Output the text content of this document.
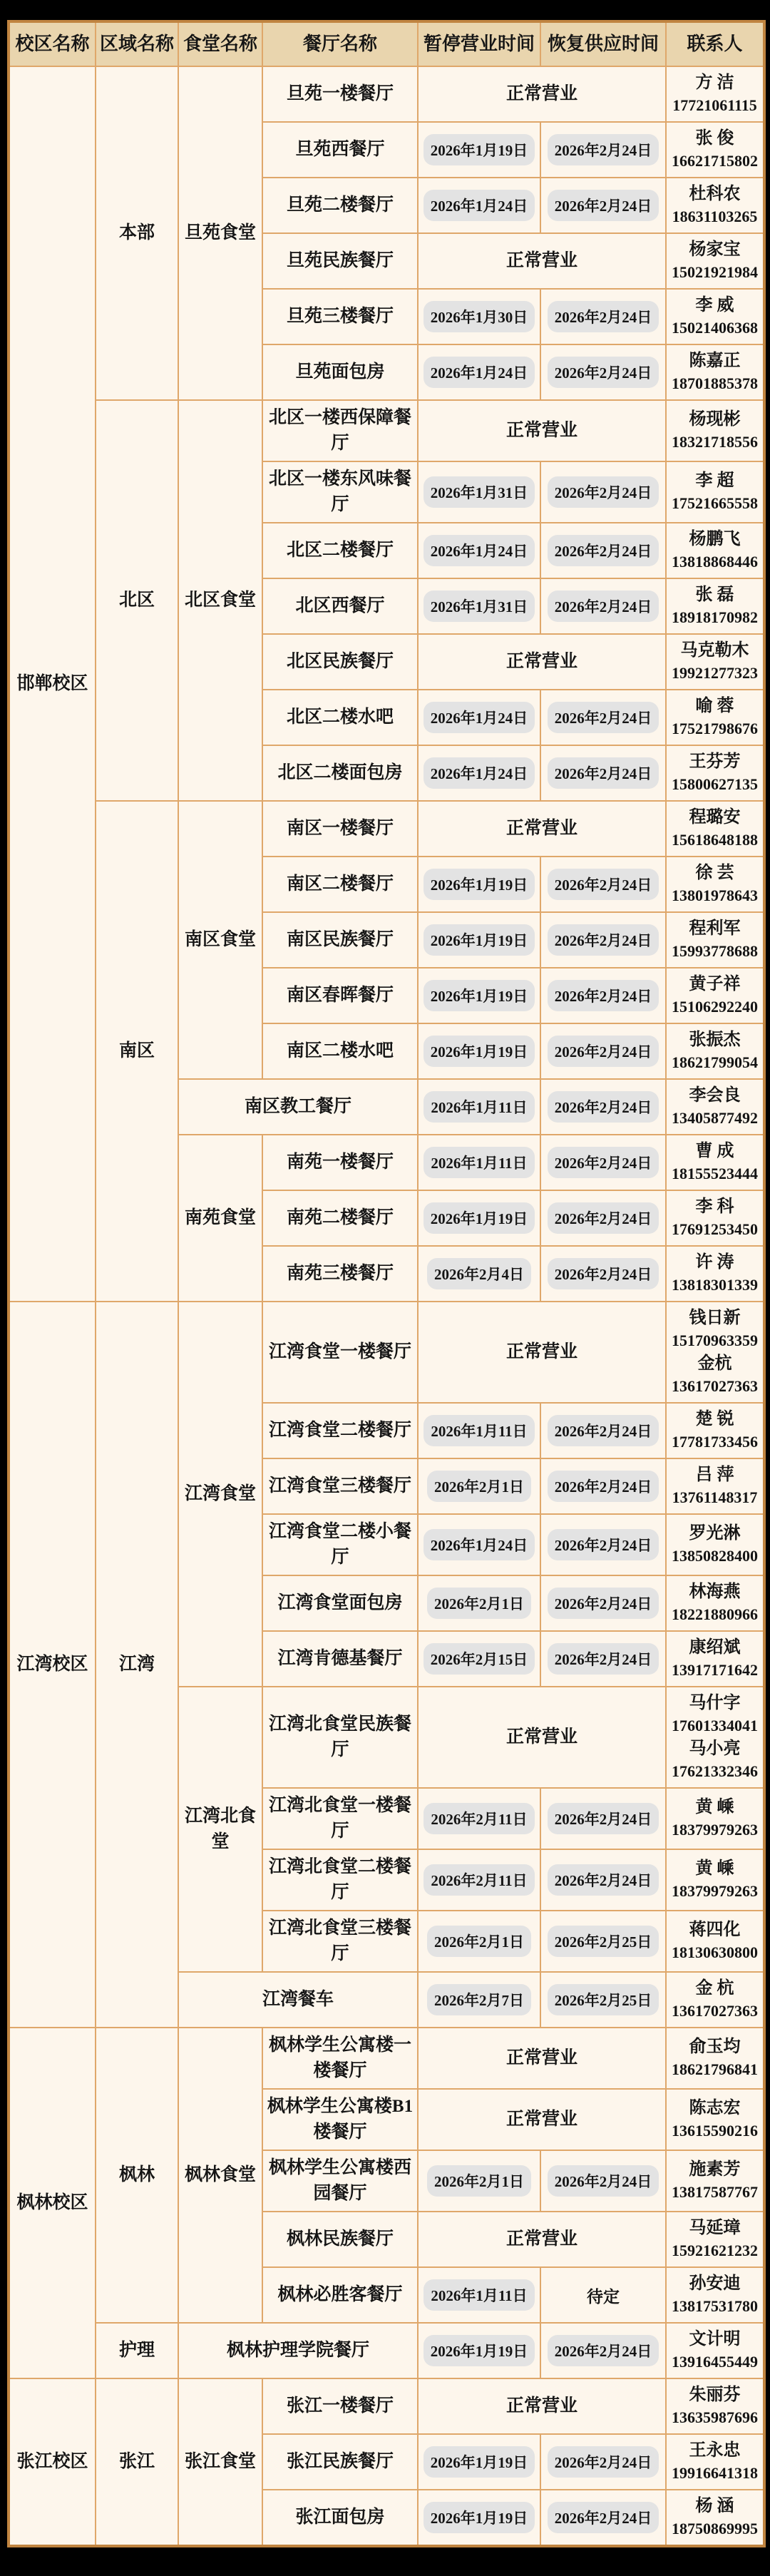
校区名称	区域名称	食堂名称	餐厅名称	暂停营业时间	恢复供应时间	联系人
邯郸校区	本部	旦苑食堂	旦苑一楼餐厅	正常营业		方 洁
17721061115

			旦苑西餐厅	2026年1月19日	2026年2月24日	张 俊
16621715802

			旦苑二楼餐厅	2026年1月24日	2026年2月24日	杜科农
18631103265

			旦苑民族餐厅	正常营业		杨家宝
15021921984

			旦苑三楼餐厅	2026年1月30日	2026年2月24日	李 威
15021406368

			旦苑面包房	2026年1月24日	2026年2月24日	陈嘉正
18701885378

	北区	北区食堂	北区一楼西保障餐厅	正常营业		杨现彬
18321718556

			北区一楼东风味餐厅	2026年1月31日	2026年2月24日	李 超
17521665558

			北区二楼餐厅	2026年1月24日	2026年2月24日	杨鹏飞
13818868446

			北区西餐厅	2026年1月31日	2026年2月24日	张 磊
18918170982

			北区民族餐厅	正常营业		马克勒木
19921277323

			北区二楼水吧	2026年1月24日	2026年2月24日	喻 蓉
17521798676

			北区二楼面包房	2026年1月24日	2026年2月24日	王芬芳
15800627135

	南区	南区食堂	南区一楼餐厅	正常营业		程璐安
15618648188

			南区二楼餐厅	2026年1月19日	2026年2月24日	徐 芸
13801978643

			南区民族餐厅	2026年1月19日	2026年2月24日	程利军
15993778688

			南区春晖餐厅	2026年1月19日	2026年2月24日	黄子祥
15106292240

			南区二楼水吧	2026年1月19日	2026年2月24日	张振杰
18621799054

		南区教工餐厅		2026年1月11日	2026年2月24日	李会良
13405877492

		南苑食堂	南苑一楼餐厅	2026年1月11日	2026年2月24日	曹 成
18155523444

			南苑二楼餐厅	2026年1月19日	2026年2月24日	李 科
17691253450

			南苑三楼餐厅	2026年2月4日	2026年2月24日	许 涛
13818301339

江湾校区	江湾	江湾食堂	江湾食堂一楼餐厅	正常营业		钱日新
15170963359
金杭
13617027363

			江湾食堂二楼餐厅	2026年1月11日	2026年2月24日	楚 锐
17781733456

			江湾食堂三楼餐厅	2026年2月1日	2026年2月24日	吕 萍
13761148317

			江湾食堂二楼小餐厅	2026年1月24日	2026年2月24日	罗光淋
13850828400

			江湾食堂面包房	2026年2月1日	2026年2月24日	林海燕
18221880966

			江湾肯德基餐厅	2026年2月15日	2026年2月24日	康绍斌
13917171642

		江湾北食堂	江湾北食堂民族餐厅	正常营业		马什字
17601334041
马小亮
17621332346

			江湾北食堂一楼餐厅	2026年2月11日	2026年2月24日	黄 嵊
18379979263

			江湾北食堂二楼餐厅	2026年2月11日	2026年2月24日	黄 嵊
18379979263

			江湾北食堂三楼餐厅	2026年2月1日	2026年2月25日	蒋四化
18130630800

		江湾餐车		2026年2月7日	2026年2月25日	金 杭
13617027363

枫林校区	枫林	枫林食堂	枫林学生公寓楼一楼餐厅	正常营业		俞玉均
18621796841

			枫林学生公寓楼B1楼餐厅	正常营业		陈志宏
13615590216

			枫林学生公寓楼西园餐厅	2026年2月1日	2026年2月24日	施素芳
13817587767

			枫林民族餐厅	正常营业		马延璋
15921621232

			枫林必胜客餐厅	2026年1月11日	待定	孙安迪
13817531780

	护理	枫林护理学院餐厅		2026年1月19日	2026年2月24日	文计明
13916455449

张江校区	张江	张江食堂	张江一楼餐厅	正常营业		朱丽芬
13635987696

			张江民族餐厅	2026年1月19日	2026年2月24日	王永忠
19916641318

			张江面包房	2026年1月19日	2026年2月24日	杨 涵
18750869995
